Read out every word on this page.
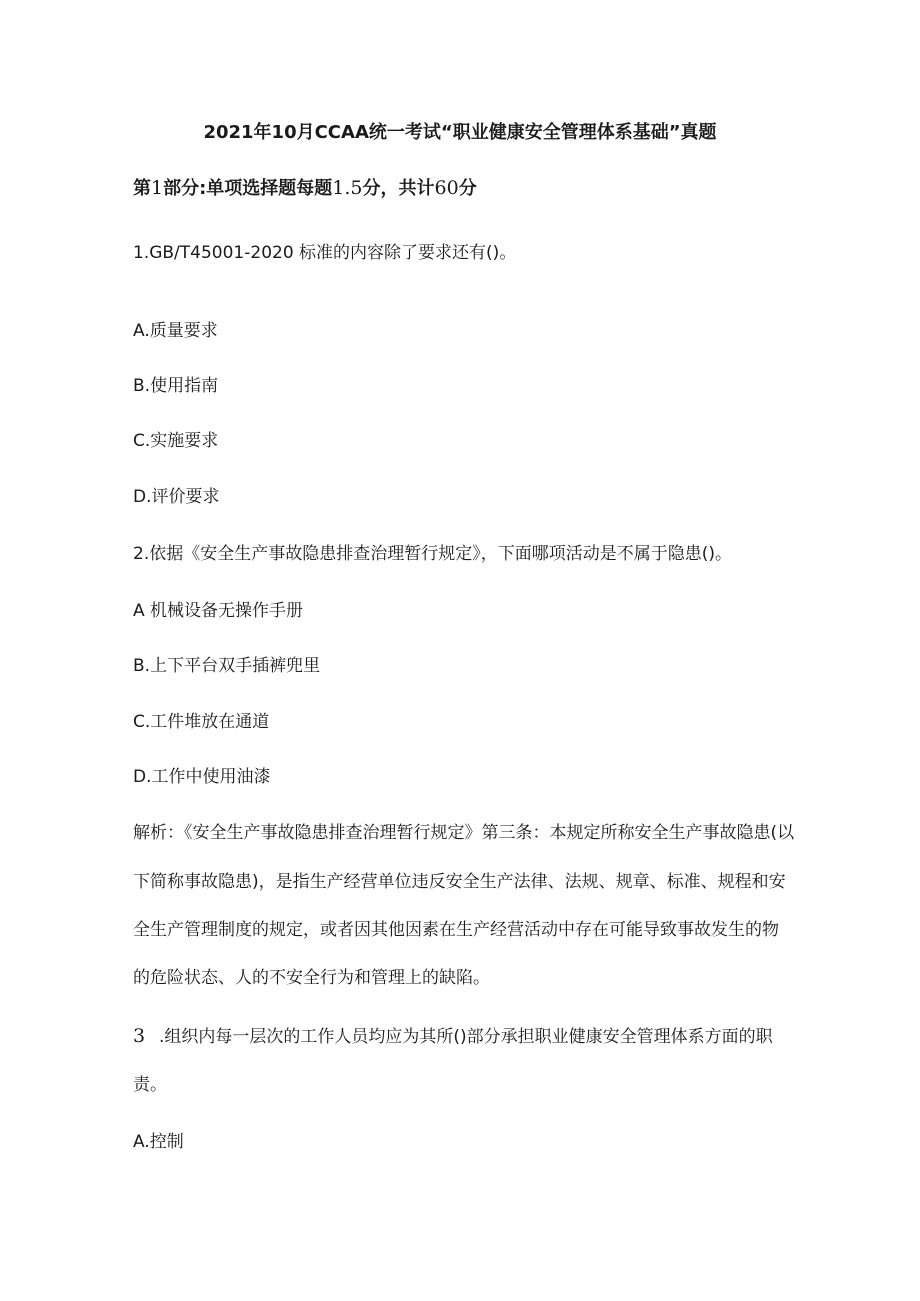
2021年10月CCAA统一考试“职业健康安全管理体系基础”真题
第1部分:单项选择题每题1.5分，共计60分
1.GB/T45001-2020 标准的内容除了要求还有()。
A.质量要求
B.使用指南
C.实施要求
D.评价要求
2.依据《安全生产事故隐患排查治理暂行规定》，下面哪项活动是不属于隐患()。
A 机械设备无操作手册
B.上下平台双手插裤兜里
C.工件堆放在通道
D.工作中使用油漆
解析：《安全生产事故隐患排查治理暂行规定》第三条：本规定所称安全生产事故隐患(以
下简称事故隐患)，是指生产经营单位违反安全生产法律、法规、规章、标准、规程和安
全生产管理制度的规定，或者因其他因素在生产经营活动中存在可能导致事故发生的物
的危险状态、人的不安全行为和管理上的缺陷。
3 .组织内每一层次的工作人员均应为其所()部分承担职业健康安全管理体系方面的职
责。
A.控制
